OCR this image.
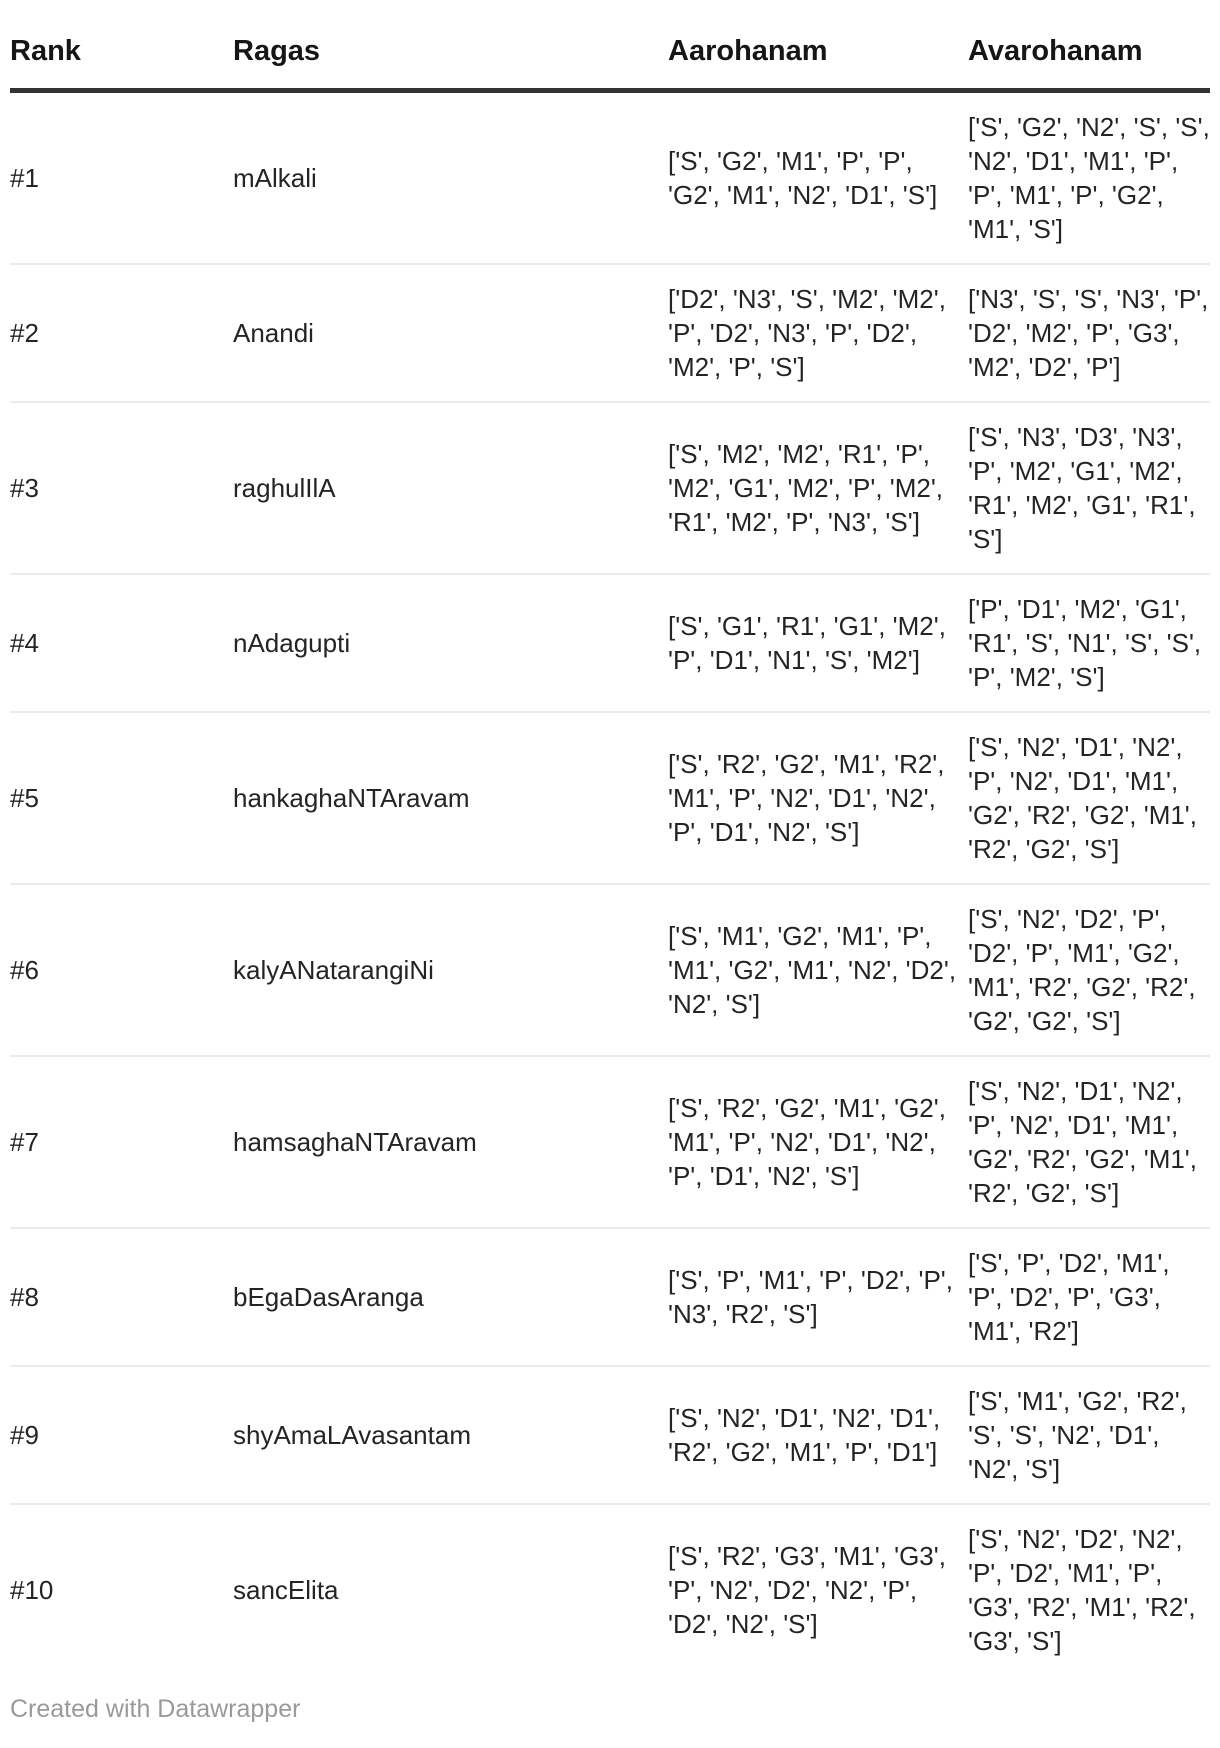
Rank	Ragas	Aarohanam	Avarohanam
#1	mAlkali	['S', 'G2', 'M1', 'P', 'P', 'G2', 'M1', 'N2', 'D1', 'S']	['S', 'G2', 'N2', 'S', 'S', 'N2', 'D1', 'M1', 'P', 'P', 'M1', 'P', 'G2', 'M1', 'S']
#2	Anandi	['D2', 'N3', 'S', 'M2', 'M2', 'P', 'D2', 'N3', 'P', 'D2', 'M2', 'P', 'S']	['N3', 'S', 'S', 'N3', 'P', 'D2', 'M2', 'P', 'G3', 'M2', 'D2', 'P']
#3	raghulIlA	['S', 'M2', 'M2', 'R1', 'P', 'M2', 'G1', 'M2', 'P', 'M2', 'R1', 'M2', 'P', 'N3', 'S']	['S', 'N3', 'D3', 'N3', 'P', 'M2', 'G1', 'M2', 'R1', 'M2', 'G1', 'R1', 'S']
#4	nAdagupti	['S', 'G1', 'R1', 'G1', 'M2', 'P', 'D1', 'N1', 'S', 'M2']	['P', 'D1', 'M2', 'G1', 'R1', 'S', 'N1', 'S', 'S', 'P', 'M2', 'S']
#5	hankaghaNTAravam	['S', 'R2', 'G2', 'M1', 'R2', 'M1', 'P', 'N2', 'D1', 'N2', 'P', 'D1', 'N2', 'S']	['S', 'N2', 'D1', 'N2', 'P', 'N2', 'D1', 'M1', 'G2', 'R2', 'G2', 'M1', 'R2', 'G2', 'S']
#6	kalyANatarangiNi	['S', 'M1', 'G2', 'M1', 'P', 'M1', 'G2', 'M1', 'N2', 'D2', 'N2', 'S']	['S', 'N2', 'D2', 'P', 'D2', 'P', 'M1', 'G2', 'M1', 'R2', 'G2', 'R2', 'G2', 'G2', 'S']
#7	hamsaghaNTAravam	['S', 'R2', 'G2', 'M1', 'G2', 'M1', 'P', 'N2', 'D1', 'N2', 'P', 'D1', 'N2', 'S']	['S', 'N2', 'D1', 'N2', 'P', 'N2', 'D1', 'M1', 'G2', 'R2', 'G2', 'M1', 'R2', 'G2', 'S']
#8	bEgaDasAranga	['S', 'P', 'M1', 'P', 'D2', 'P', 'N3', 'R2', 'S']	['S', 'P', 'D2', 'M1', 'P', 'D2', 'P', 'G3', 'M1', 'R2']
#9	shyAmaLAvasantam	['S', 'N2', 'D1', 'N2', 'D1', 'R2', 'G2', 'M1', 'P', 'D1']	['S', 'M1', 'G2', 'R2', 'S', 'S', 'N2', 'D1', 'N2', 'S']
#10	sancElita	['S', 'R2', 'G3', 'M1', 'G3', 'P', 'N2', 'D2', 'N2', 'P', 'D2', 'N2', 'S']	['S', 'N2', 'D2', 'N2', 'P', 'D2', 'M1', 'P', 'G3', 'R2', 'M1', 'R2', 'G3', 'S']
Created with Datawrapper
